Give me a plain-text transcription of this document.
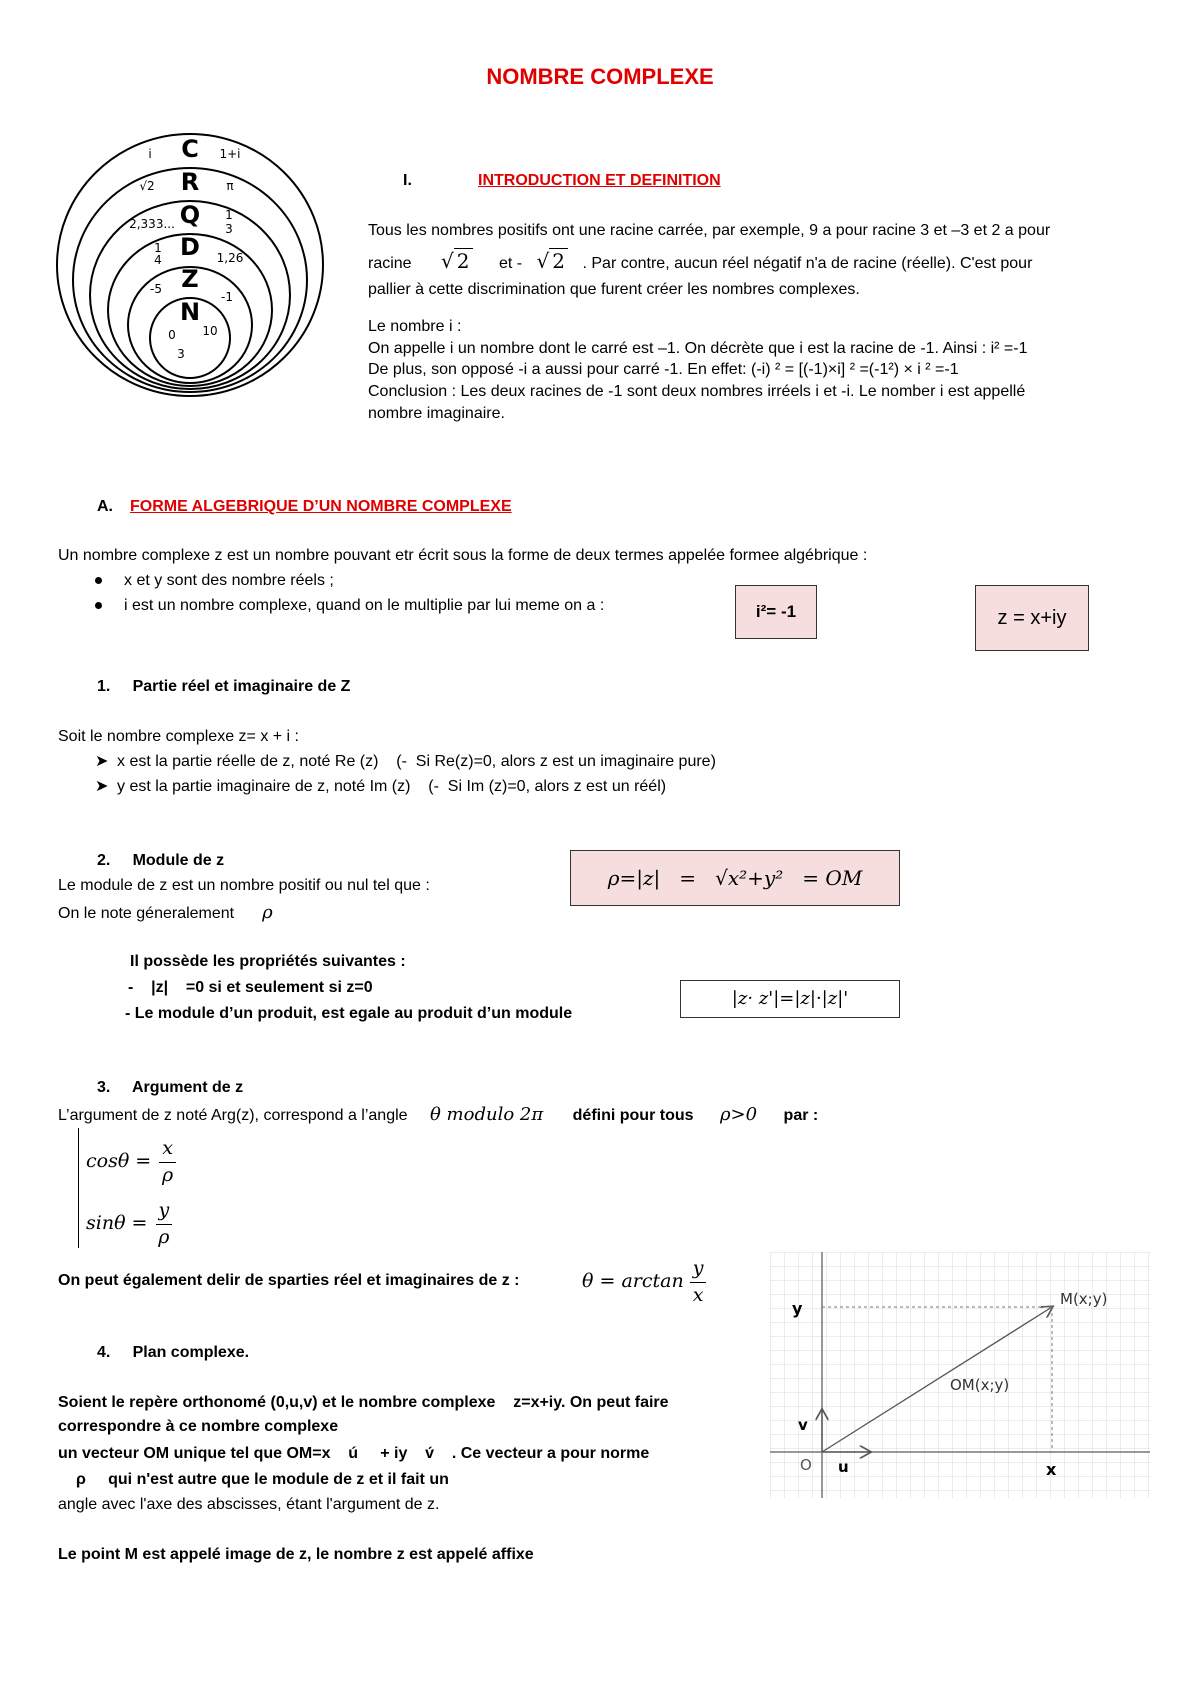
NOMBRE COMPLEXE
C
R
Q
D
Z
N
i	1+i
√2	π
2,333...
1
3
1
4	1,26
-5
-1
0 10
3
I.	INTRODUCTION ET DEFINITION

Tous les nombres positifs ont une racine carrée, par exemple, 9 a pour racine 3 et –3 et 2 a pour

racine √ 2 et - √ 2 . Par contre, aucun réel négatif n'a de racine (réelle). C'est pour

pallier à cette discrimination que furent créer les nombres complexes.

Le nombre i :

On appelle i un nombre dont le carré est –1. On décrète que i est la racine de -1. Ainsi : i² =-1

De plus, son opposé -i a aussi pour carré -1. En effet: (-i) ² = [(-1)×i] ² =(-1²) × i ² =-1

Conclusion : Les deux racines de -1 sont deux nombres irréels i et -i. Le nomber i est appellé

nombre imaginaire.

A. FORME ALGEBRIQUE D’UN NOMBRE COMPLEXE
Un nombre complexe z est un nombre pouvant etr écrit sous la forme de deux termes appelée formee algébrique :
x et y sont des nombre réels ;
i est un nombre complexe, quand on le multiplie par lui meme on a :	i²= -1	z = x+iy
1.     Partie réel et imaginaire de Z
Soit le nombre complexe z= x + i :
➤ x est la partie réelle de z, noté Re (z)    (-  Si Re(z)=0, alors z est un imaginaire pure)
➤ y est la partie imaginaire de z, noté Im (z)    (-  Si Im (z)=0, alors z est un réél)
2.     Module de z
Le module de z est un nombre positif ou nul tel que :
On le note géneralement ρ
ρ=|z|   =   √x²+y²   = OM
Il possède les propriétés suivantes :
-    |z|    =0 si et seulement si z=0
- Le module d’un produit, est egale au produit d’un module
|z· z'|=|z|·|z|'
3.     Argument de z
L’argument de z noté Arg(z), correspond a l’angle θ modulo 2π défini pour tous ρ>0 par :
$\cos\theta = \frac{x}{\rho}$
$\sin\theta = \frac{y}{\rho}$
On peut également delir de sparties réel et imaginaires de z :	$\theta = \arctan \frac{y}{x}$
4.     Plan complexe.
Soient le repère orthonomé (0,u,v) et le nombre complexe    z=x+iy. On peut faire
correspondre à ce nombre complexe
un vecteur OM unique tel que OM=x    ú     + iy    v́    . Ce vecteur a pour norme
ρ     qui n'est autre que le module de z et il fait un
angle avec l'axe des abscisses, étant l'argument de z.
Le point M est appelé image de z, le nombre z est appelé affixe
y
x
M(x;y)
OM(x;y)
O u
v
